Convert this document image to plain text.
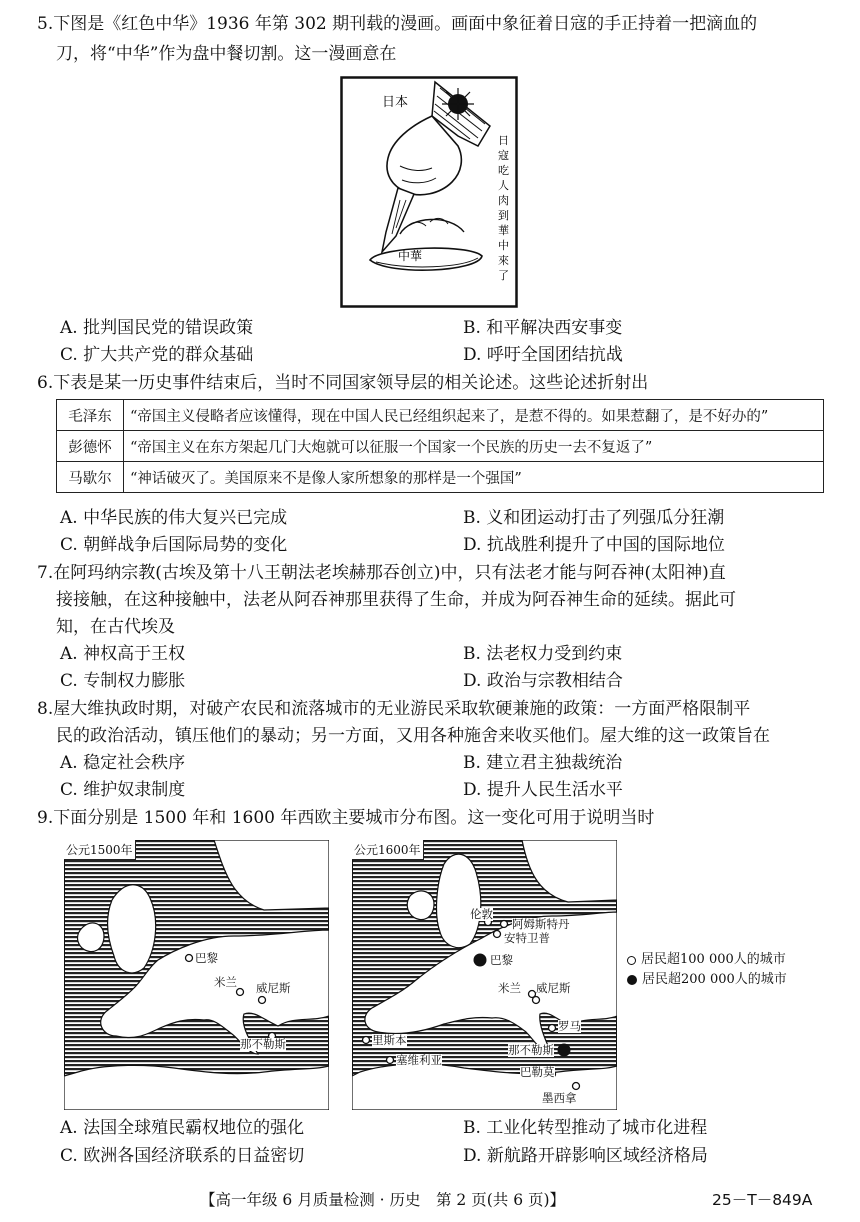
5.下图是《红色中华》1936 年第 302 期刊载的漫画。画面中象征着日寇的手正持着一把滴血的
刀，将“中华”作为盘中餐切割。这一漫画意在
日本
中華
日
寇
吃
人
肉
到
華
中
來
了
A. 批判国民党的错误政策	B. 和平解决西安事变
C. 扩大共产党的群众基础	D. 呼吁全国团结抗战
6.下表是某一历史事件结束后，当时不同国家领导层的相关论述。这些论述折射出
毛泽东	“帝国主义侵略者应该懂得，现在中国人民已经组织起来了，是惹不得的。如果惹翻了，是不好办的”
彭德怀	“帝国主义在东方架起几门大炮就可以征服一个国家一个民族的历史一去不复返了”
马歇尔	“神话破灭了。美国原来不是像人家所想象的那样是一个强国”
A. 中华民族的伟大复兴已完成	B. 义和团运动打击了列强瓜分狂潮
C. 朝鲜战争后国际局势的变化	D. 抗战胜利提升了中国的国际地位
7.在阿玛纳宗教(古埃及第十八王朝法老埃赫那吞创立)中，只有法老才能与阿吞神(太阳神)直
接接触，在这种接触中，法老从阿吞神那里获得了生命，并成为阿吞神生命的延续。据此可
知，在古代埃及
A. 神权高于王权	B. 法老权力受到约束
C. 专制权力膨胀	D. 政治与宗教相结合
8.屋大维执政时期，对破产农民和流落城市的无业游民采取软硬兼施的政策：一方面严格限制平
民的政治活动，镇压他们的暴动；另一方面，又用各种施舍来收买他们。屋大维的这一政策旨在
A. 稳定社会秩序	B. 建立君主独裁统治
C. 维护奴隶制度	D. 提升人民生活水平
9.下面分别是 1500 年和 1600 年西欧主要城市分布图。这一变化可用于说明当时
公元1500年
巴黎
米兰 威尼斯
那不勒斯
公元1600年
伦敦
阿姆斯特丹
安特卫普
巴黎
米兰 威尼斯
里斯本
罗马
塞维利亚
那不勒斯
巴勒莫
墨西拿
居民超100 000人的城市
居民超200 000人的城市
A. 法国全球殖民霸权地位的强化	B. 工业化转型推动了城市化进程
C. 欧洲各国经济联系的日益密切	D. 新航路开辟影响区域经济格局
【高一年级 6 月质量检测 · 历史　第 2 页(共 6 页)】	25－T－849A
